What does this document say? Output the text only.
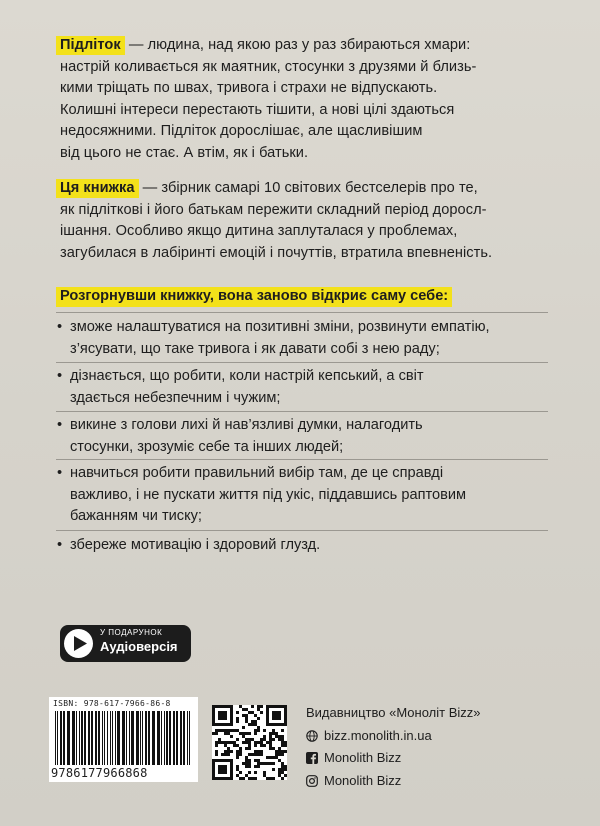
Підліток — людина, над якою раз у раз збираються хмари:
настрій коливається як маятник, стосунки з друзями й близь-
кими тріщать по швах, тривога і страхи не відпускають.
Колишні інтереси перестають тішити, а нові цілі здаються
недосяжними. Підліток дорослішає, але щасливішим
від цього не стає. А втім, як і батьки.
Ця книжка — збірник самарі 10 світових бестселерів про те,
як підліткові і його батькам пережити складний період доросл-
ішання. Особливо якщо дитина заплуталася у проблемах,
загубилася в лабіринті емоцій і почуттів, втратила впевненість.
Розгорнувши книжку, вона заново відкриє саму себе:
• зможе налаштуватися на позитивні зміни, розвинути емпатію,
з’ясувати, що таке тривога і як давати собі з нею раду;
• дізнається, що робити, коли настрій кепський, а світ
здається небезпечним і чужим;
• викине з голови лихі й нав’язливі думки, налагодить
стосунки, зрозуміє себе та інших людей;
• навчиться робити правильний вибір там, де це справді
важливо, і не пускати життя під укіс, піддавшись раптовим
бажанням чи тиску;
• збереже мотивацію і здоровий глузд.
У ПОДАРУНОК
Аудіоверсія
ISBN: 978-617-7966-86-8
9786177966868
Видавництво «Моноліт Bizz»
bizz.monolith.in.ua
Monolith Bizz
Monolith Bizz
